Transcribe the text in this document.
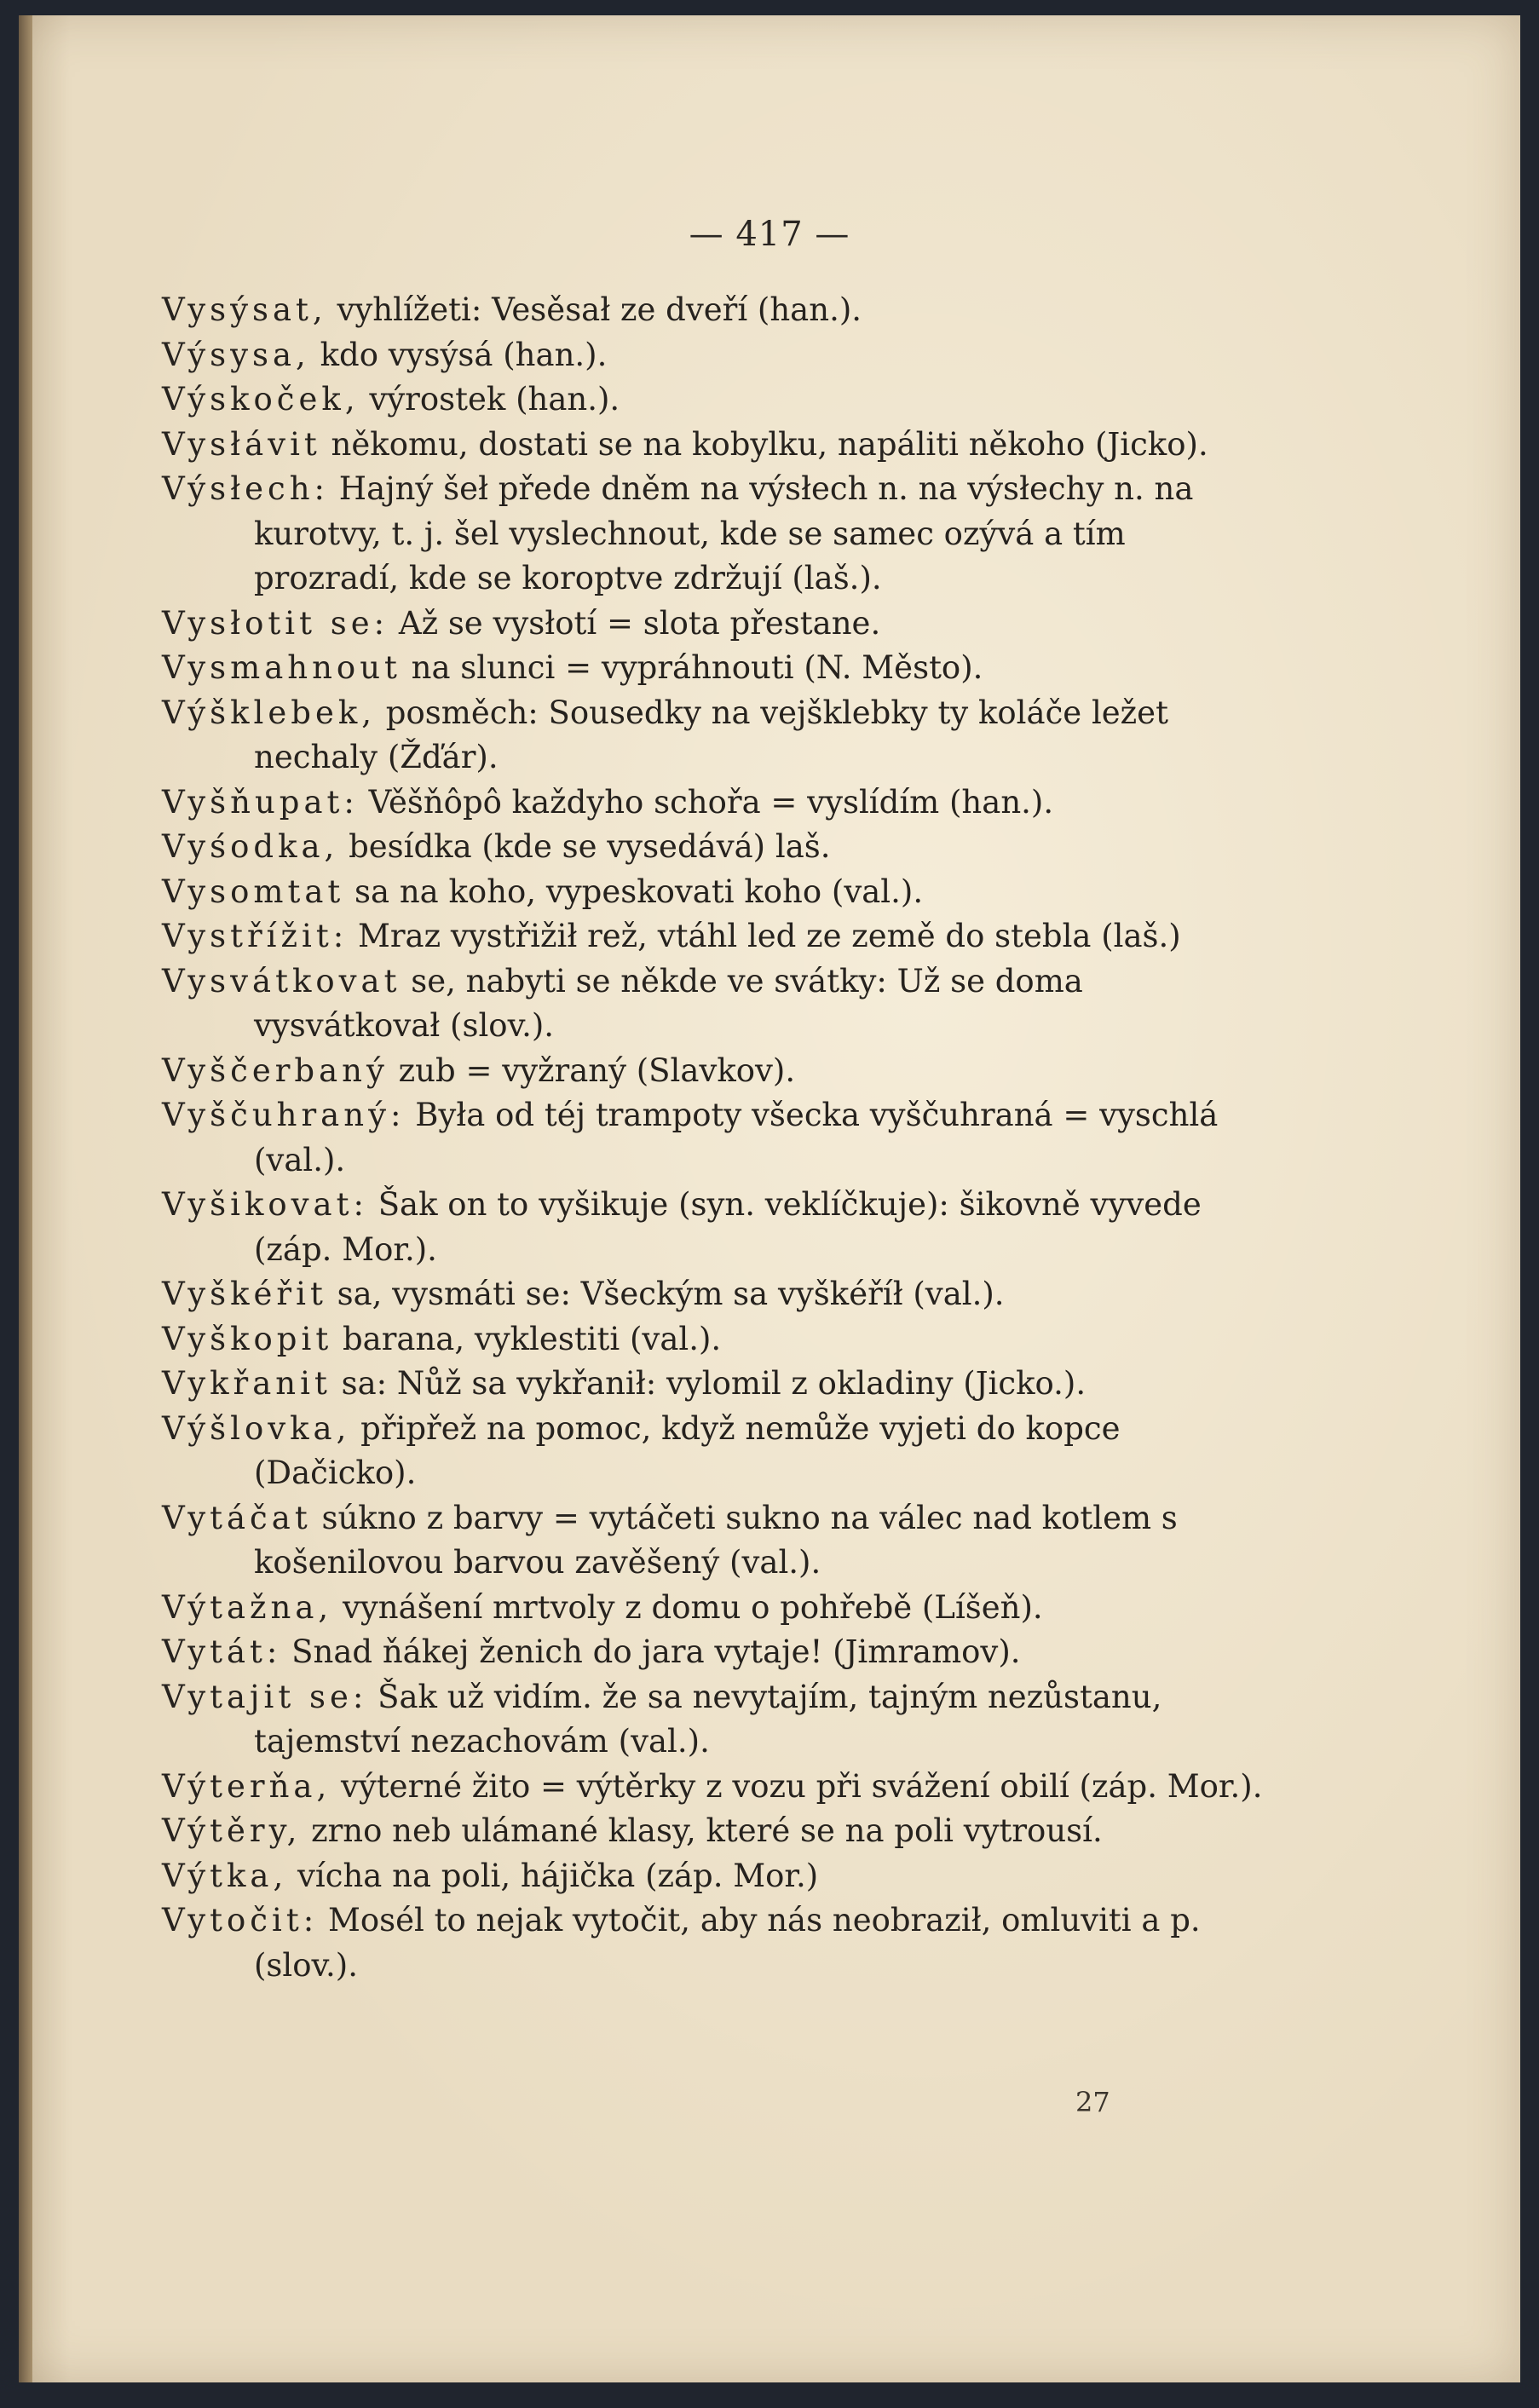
— 417 —
Vysýsat, vyhlížeti: Vesěsał ze dveří (han.).
Výsysa, kdo vysýsá (han.).
Výskoček, výrostek (han.).
Vysłávit někomu, dostati se na kobylku, napáliti někoho (Jicko).
Výsłech: Hajný šeł přede dněm na výsłech n. na výsłechy n. na kurotvy, t. j. šel vyslechnout, kde se samec ozývá a tím prozradí, kde se koroptve zdržují (laš.).
Vysłotit se: Až se vysłotí = slota přestane.
Vysmahnout na slunci = vypráhnouti (N. Město).
Výšklebek, posměch: Sousedky na vejšklebky ty koláče ležet nechaly (Žďár).
Vyšňupat: Věšňôpô každyho schořa = vyslídím (han.).
Vyśodka, besídka (kde se vysedává) laš.
Vysomtat sa na koho, vypeskovati koho (val.).
Vystřížit: Mraz vystřižił rež, vtáhl led ze země do stebla (laš.)
Vysvátkovat se, nabyti se někde ve svátky: Už se doma vysvátkovał (slov.).
Vyščerbaný zub = vyžraný (Slavkov).
Vyščuhraný: Była od téj trampoty všecka vyščuhraná = vyschlá (val.).
Vyšikovat: Šak on to vyšikuje (syn. veklíčkuje): šikovně vyvede (záp. Mor.).
Vyškéřit sa, vysmáti se: Všeckým sa vyškéříł (val.).
Vyškopit barana, vyklestiti (val.).
Vykřanit sa: Nůž sa vykřanił: vylomil z okladiny (Jicko.).
Výšlovka, připřež na pomoc, když nemůže vyjeti do kopce (Dačicko).
Vytáčat súkno z barvy = vytáčeti sukno na válec nad kotlem s košenilovou barvou zavěšený (val.).
Výtažna, vynášení mrtvoly z domu o pohřebě (Líšeň).
Vytát: Snad ňákej ženich do jara vytaje! (Jimramov).
Vytajit se: Šak už vidím. že sa nevytajím, tajným nezůstanu, tajemství nezachovám (val.).
Výterňa, výterné žito = výtěrky z vozu při svážení obilí (záp. Mor.).
Výtěry, zrno neb ulámané klasy, které se na poli vytrousí.
Výtka, vícha na poli, hájička (záp. Mor.)
Vytočit: Mosél to nejak vytočit, aby nás neobraził, omluviti a p. (slov.).
27
